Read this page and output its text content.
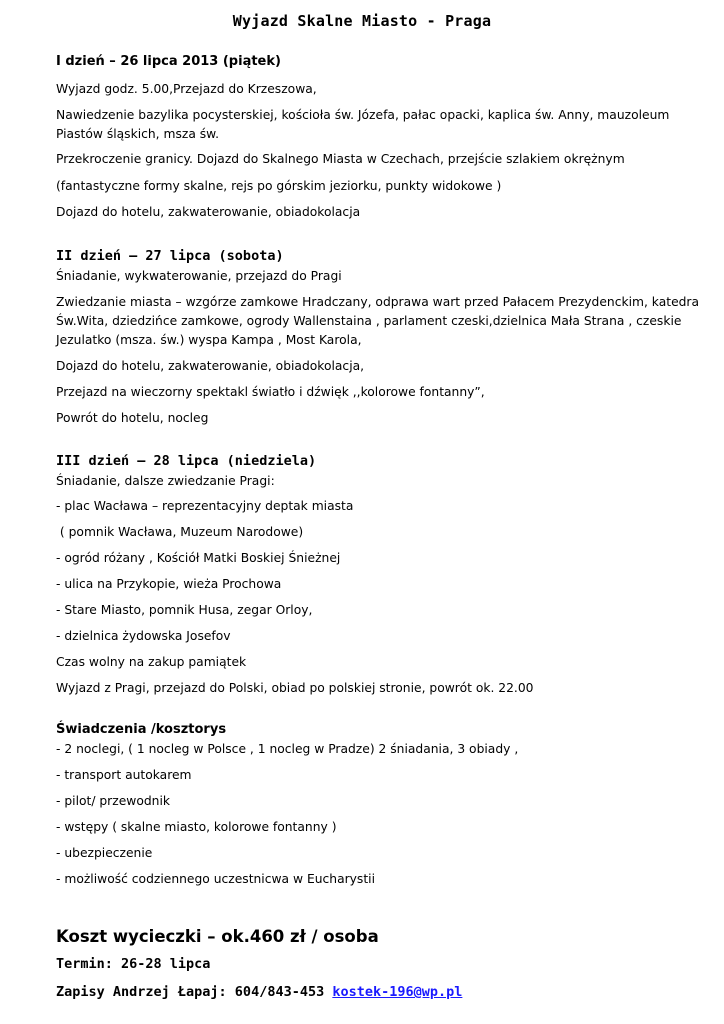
Wyjazd Skalne Miasto - Praga
I dzień – 26 lipca 2013 (piątek)
Wyjazd godz. 5.00,Przejazd do Krzeszowa,
Nawiedzenie bazylika pocysterskiej, kościoła św. Józefa, pałac opacki, kaplica św. Anny, mauzoleum Piastów śląskich, msza św.
Przekroczenie granicy. Dojazd do Skalnego Miasta w Czechach, przejście szlakiem okrężnym
(fantastyczne formy skalne, rejs po górskim jeziorku, punkty widokowe )
Dojazd do hotelu, zakwaterowanie, obiadokolacja
II dzień – 27 lipca (sobota)
Śniadanie, wykwaterowanie, przejazd do Pragi
Zwiedzanie miasta – wzgórze zamkowe Hradczany, odprawa wart przed Pałacem Prezydenckim, katedra Św.Wita, dziedzińce zamkowe, ogrody Wallenstaina , parlament czeski,dzielnica Mała Strana , czeskie Jezulatko (msza. św.) wyspa Kampa , Most Karola,
Dojazd do hotelu, zakwaterowanie, obiadokolacja,
Przejazd na wieczorny spektakl światło i dźwięk ,,kolorowe fontanny”,
Powrót do hotelu, nocleg
III dzień – 28 lipca (niedziela)
Śniadanie, dalsze zwiedzanie Pragi:
- plac Wacława – reprezentacyjny deptak miasta
( pomnik Wacława, Muzeum Narodowe)
- ogród różany , Kościół Matki Boskiej Śnieżnej
- ulica na Przykopie, wieża Prochowa
- Stare Miasto, pomnik Husa, zegar Orloy,
- dzielnica żydowska Josefov
Czas wolny na zakup pamiątek
Wyjazd z Pragi, przejazd do Polski, obiad po polskiej stronie, powrót ok. 22.00
Świadczenia /kosztorys
- 2 noclegi, ( 1 nocleg w Polsce , 1 nocleg w Pradze) 2 śniadania, 3 obiady ,
- transport autokarem
- pilot/ przewodnik
- wstępy ( skalne miasto, kolorowe fontanny )
- ubezpieczenie
- możliwość codziennego uczestnicwa w Eucharystii
Koszt wycieczki – ok.460 zł / osoba
Termin: 26-28 lipca
Zapisy Andrzej Łapaj: 604/843-453 kostek-196@wp.pl
